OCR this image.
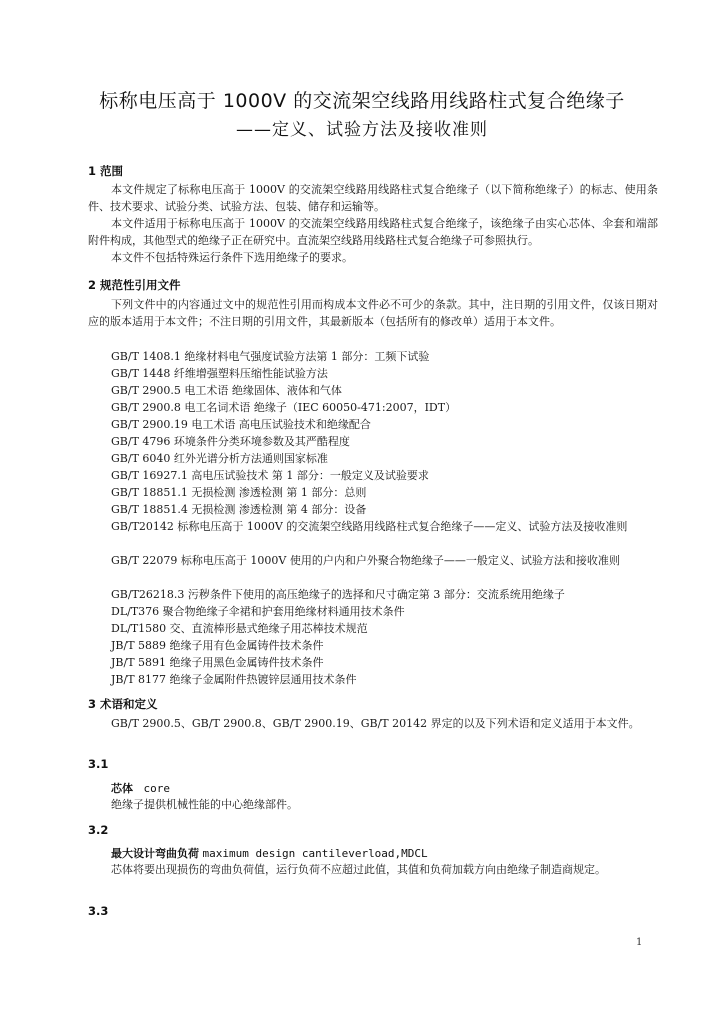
标称电压高于 1000V 的交流架空线路用线路柱式复合绝缘子
——定义、试验方法及接收准则
1 范围
本文件规定了标称电压高于 1000V 的交流架空线路用线路柱式复合绝缘子（以下简称绝缘子）的标志、使用条件、技术要求、试验分类、试验方法、包装、储存和运输等。
本文件适用于标称电压高于 1000V 的交流架空线路用线路柱式复合绝缘子，该绝缘子由实心芯体、伞套和端部附件构成，其他型式的绝缘子正在研究中。直流架空线路用线路柱式复合绝缘子可参照执行。
本文件不包括特殊运行条件下选用绝缘子的要求。
2 规范性引用文件
下列文件中的内容通过文中的规范性引用而构成本文件必不可少的条款。其中，注日期的引用文件，仅该日期对应的版本适用于本文件；不注日期的引用文件，其最新版本（包括所有的修改单）适用于本文件。
GB/T 1408.1 绝缘材料电气强度试验方法第 1 部分：工频下试验
GB/T 1448 纤维增强塑料压缩性能试验方法
GB/T 2900.5 电工术语 绝缘固体、液体和气体
GB/T 2900.8 电工名词术语 绝缘子（IEC 60050-471:2007，IDT）
GB/T 2900.19 电工术语 高电压试验技术和绝缘配合
GB/T 4796 环境条件分类环境参数及其严酷程度
GB/T 6040 红外光谱分析方法通则国家标准
GB/T 16927.1 高电压试验技术 第 1 部分：一般定义及试验要求
GB/T 18851.1 无损检测 渗透检测 第 1 部分：总则
GB/T 18851.4 无损检测 渗透检测 第 4 部分：设备
GB/T20142 标称电压高于 1000V 的交流架空线路用线路柱式复合绝缘子——定义、试验方法及接收准则
GB/T 22079 标称电压高于 1000V 使用的户内和户外聚合物绝缘子——一般定义、试验方法和接收准则
GB/T26218.3 污秽条件下使用的高压绝缘子的选择和尺寸确定第 3 部分：交流系统用绝缘子
DL/T376 聚合物绝缘子伞裙和护套用绝缘材料通用技术条件
DL/T1580 交、直流棒形悬式绝缘子用芯棒技术规范
JB/T 5889 绝缘子用有色金属铸件技术条件
JB/T 5891 绝缘子用黑色金属铸件技术条件
JB/T 8177 绝缘子金属附件热镀锌层通用技术条件
3 术语和定义
GB/T 2900.5、GB/T 2900.8、GB/T 2900.19、GB/T 20142 界定的以及下列术语和定义适用于本文件。
3.1
芯体 core
绝缘子提供机械性能的中心绝缘部件。
3.2
最大设计弯曲负荷 maximum design cantileverload,MDCL
芯体将要出现损伤的弯曲负荷值，运行负荷不应超过此值，其值和负荷加载方向由绝缘子制造商规定。
3.3
1
